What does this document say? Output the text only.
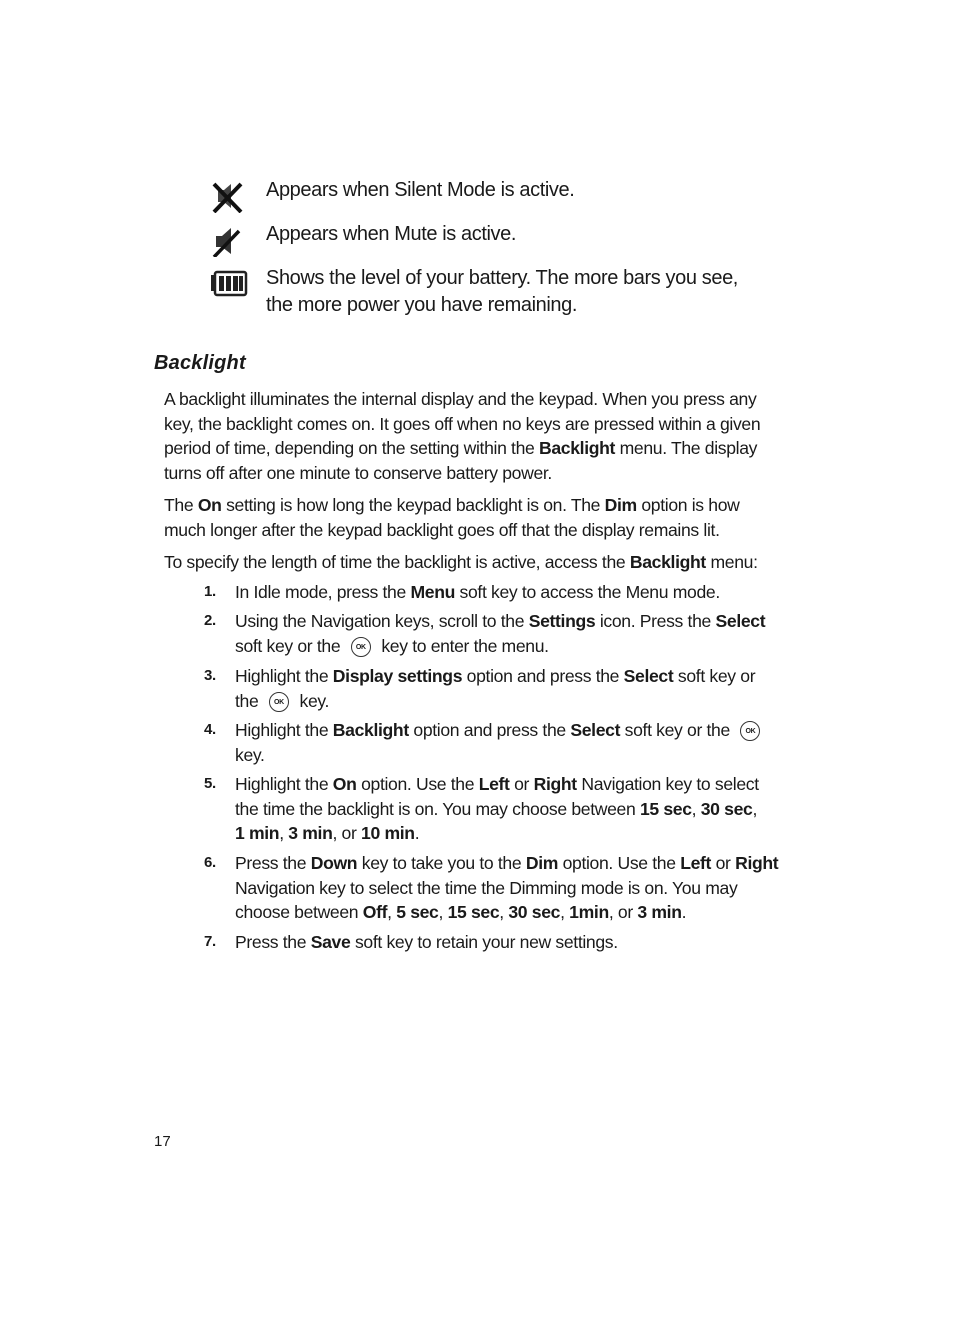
Appears when Silent Mode is active.
Appears when Mute is active.
Shows the level of your battery. The more bars you see, the more power you have remaining.
Backlight
A backlight illuminates the internal display and the keypad. When you press any key, the backlight comes on. It goes off when no keys are pressed within a given period of time, depending on the setting within the Backlight menu. The display turns off after one minute to conserve battery power.
The On setting is how long the keypad backlight is on. The Dim option is how much longer after the keypad backlight goes off that the display remains lit.
To specify the length of time the backlight is active, access the Backlight menu:
1. In Idle mode, press the Menu soft key to access the Menu mode.
2. Using the Navigation keys, scroll to the Settings icon. Press the Select soft key or the OK key to enter the menu.
3. Highlight the Display settings option and press the Select soft key or the OK key.
4. Highlight the Backlight option and press the Select soft key or the OK key.
5. Highlight the On option. Use the Left or Right Navigation key to select the time the backlight is on. You may choose between 15 sec, 30 sec,
1 min, 3 min, or 10 min.
6. Press the Down key to take you to the Dim option. Use the Left or Right Navigation key to select the time the Dimming mode is on. You may choose between Off, 5 sec, 15 sec, 30 sec, 1min, or 3 min.
7. Press the Save soft key to retain your new settings.
17
